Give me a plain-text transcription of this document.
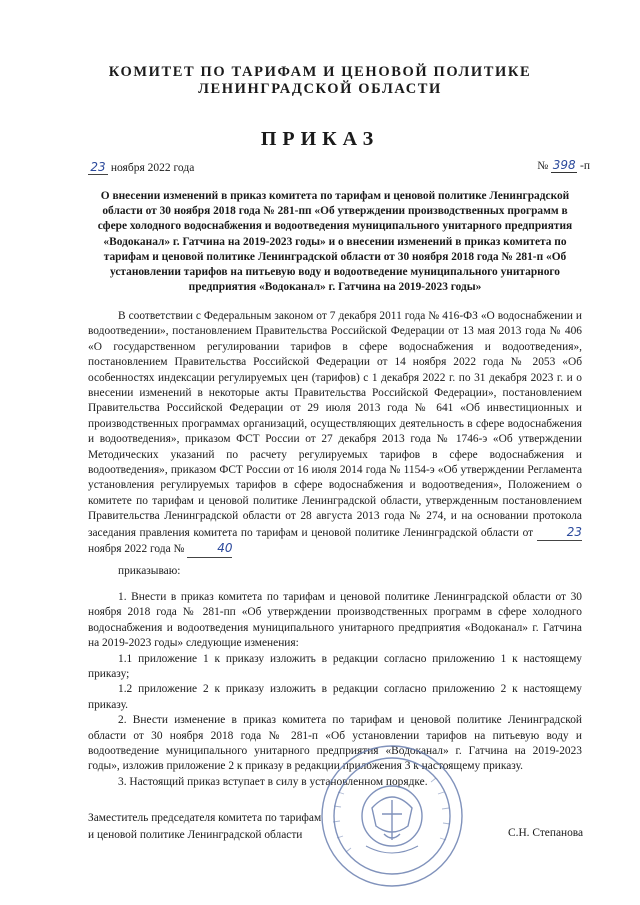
КОМИТЕТ ПО ТАРИФАМ И ЦЕНОВОЙ ПОЛИТИКЕ
ЛЕНИНГРАДСКОЙ ОБЛАСТИ
ПРИКАЗ
23 ноября 2022 года	№ 398 -п
О внесении изменений в приказ комитета по тарифам и ценовой политике Ленинградской области от 30 ноября 2018 года № 281-пп «Об утверждении производственных программ в сфере холодного водоснабжения и водоотведения муниципального унитарного предприятия «Водоканал» г. Гатчина на 2019-2023 годы» и о внесении изменений в приказ комитета по тарифам и ценовой политике Ленинградской области от 30 ноября 2018 года № 281-п «Об установлении тарифов на питьевую воду и водоотведение муниципального унитарного предприятия «Водоканал» г. Гатчина на 2019-2023 годы»
В соответствии с Федеральным законом от 7 декабря 2011 года № 416-ФЗ «О водоснабжении и водоотведении», постановлением Правительства Российской Федерации от 13 мая 2013 года № 406 «О государственном регулировании тарифов в сфере водоснабжения и водоотведения», постановлением Правительства Российской Федерации от 14 ноября 2022 года № 2053 «Об особенностях индексации регулируемых цен (тарифов) с 1 декабря 2022 г. по 31 декабря 2023 г. и о внесении изменений в некоторые акты Правительства Российской Федерации», постановлением Правительства Российской Федерации от 29 июля 2013 года № 641 «Об инвестиционных и производственных программах организаций, осуществляющих деятельность в сфере водоснабжения и водоотведения», приказом ФСТ России от 27 декабря 2013 года № 1746-э «Об утверждении Методических указаний по расчету регулируемых тарифов в сфере водоснабжения и водоотведения», приказом ФСТ России от 16 июля 2014 года № 1154-э «Об утверждении Регламента установления регулируемых тарифов в сфере водоснабжения и водоотведения», Положением о комитете по тарифам и ценовой политике Ленинградской области, утвержденным постановлением Правительства Ленинградской области от 28 августа 2013 года № 274, и на основании протокола заседания правления комитета по тарифам и ценовой политике Ленинградской области от	23 ноября 2022 года №	40
приказываю:

1. Внести в приказ комитета по тарифам и ценовой политике Ленинградской области от 30 ноября 2018 года № 281-пп «Об утверждении производственных программ в сфере холодного водоснабжения и водоотведения муниципального унитарного предприятия «Водоканал» г. Гатчина на 2019-2023 годы» следующие изменения:

1.1 приложение 1 к приказу изложить в редакции согласно приложению 1 к настоящему приказу;

1.2 приложение 2 к приказу изложить в редакции согласно приложению 2 к настоящему приказу.

2. Внести изменение в приказ комитета по тарифам и ценовой политике Ленинградской области от 30 ноября 2018 года № 281-п «Об установлении тарифов на питьевую воду и водоотведение муниципального унитарного предприятия «Водоканал» г. Гатчина на 2019-2023 годы», изложив приложение 2 к приказу в редакции приложения 3 к настоящему приказу.

3. Настоящий приказ вступает в силу в установленном порядке.

Заместитель председателя комитета по тарифам
и ценовой политике Ленинградской области	С.Н. Степанова
